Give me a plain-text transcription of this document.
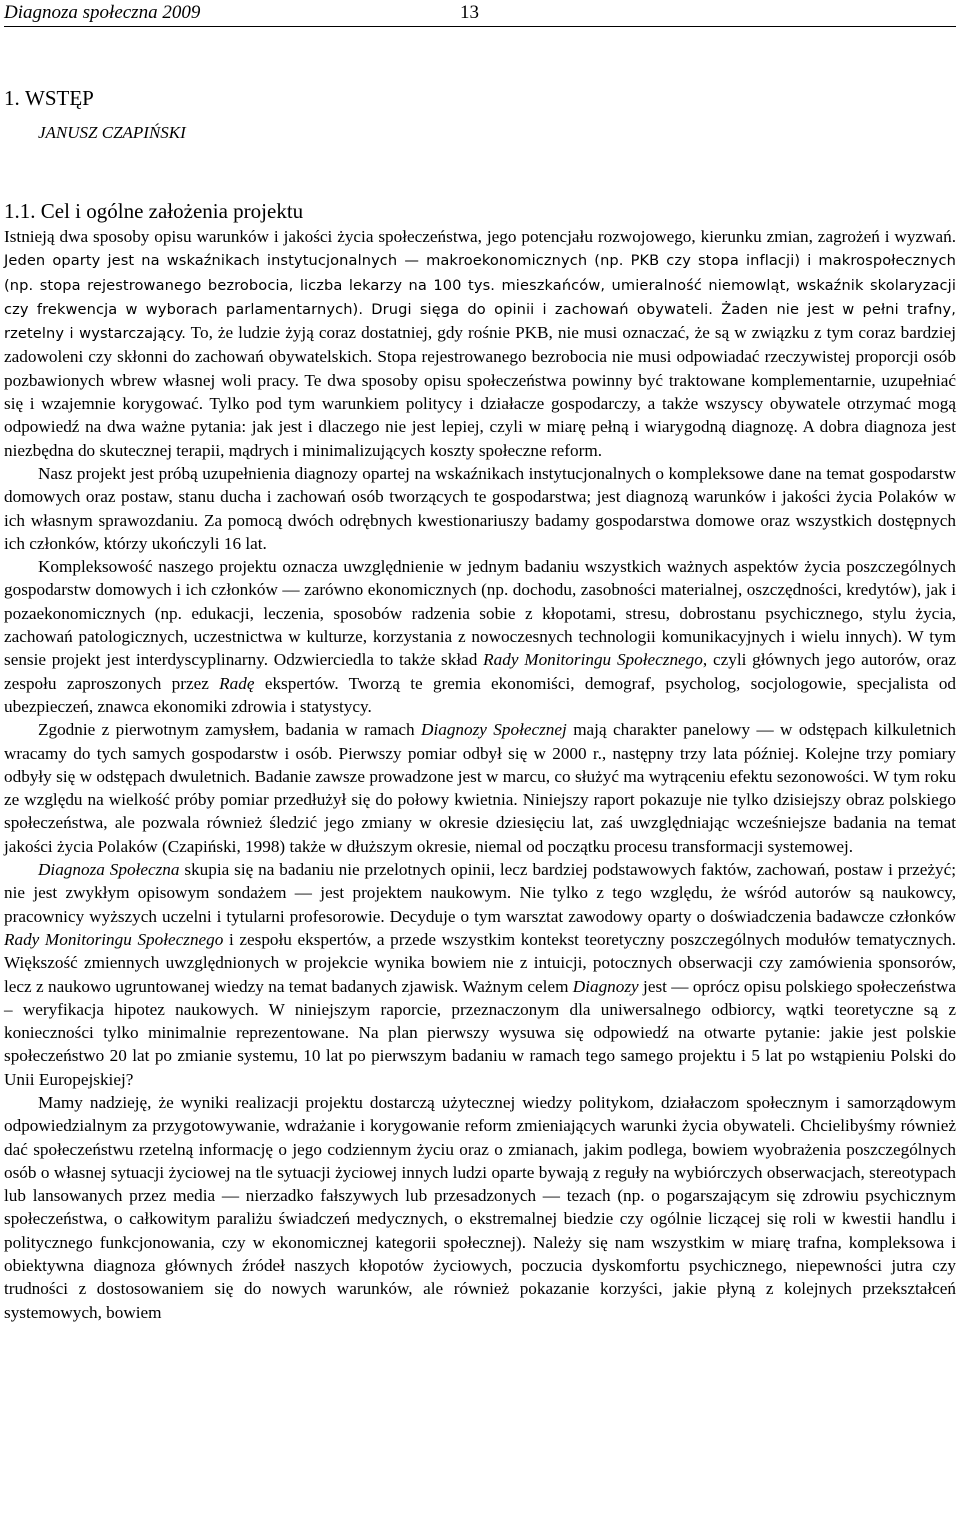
Diagnoza społeczna 2009	13
1. WSTĘP
JANUSZ CZAPIŃSKI
1.1. Cel i ogólne założenia projektu

Istnieją dwa sposoby opisu warunków i jakości życia społeczeństwa, jego potencjału rozwojowego, kierunku zmian, zagrożeń i wyzwań. Jeden oparty jest na wskaźnikach instytucjonalnych — makroekonomicznych (np. PKB czy stopa inflacji) i makrospołecznych (np. stopa rejestrowanego bezrobocia, liczba lekarzy na 100 tys. mieszkańców, umieralność niemowląt, wskaźnik skolaryzacji czy frekwencja w wyborach parlamentarnych). Drugi sięga do opinii i zachowań obywateli. Żaden nie jest w pełni trafny, rzetelny i wystarczający. To, że ludzie żyją coraz dostatniej, gdy rośnie PKB, nie musi oznaczać, że są w związku z tym coraz bardziej zadowoleni czy skłonni do zachowań obywatelskich. Stopa rejestrowanego bezrobocia nie musi odpowiadać rzeczywistej proporcji osób pozbawionych wbrew własnej woli pracy. Te dwa sposoby opisu społeczeństwa powinny być traktowane komplementarnie, uzupełniać się i wzajemnie korygować. Tylko pod tym warunkiem politycy i działacze gospodarczy, a także wszyscy obywatele otrzymać mogą odpowiedź na dwa ważne pytania: jak jest i dlaczego nie jest lepiej, czyli w miarę pełną i wiarygodną diagnozę. A dobra diagnoza jest niezbędna do skutecznej terapii, mądrych i minimalizujących koszty społeczne reform.

Nasz projekt jest próbą uzupełnienia diagnozy opartej na wskaźnikach instytucjonalnych o kompleksowe dane na temat gospodarstw domowych oraz postaw, stanu ducha i zachowań osób tworzących te gospodarstwa; jest diagnozą warunków i jakości życia Polaków w ich własnym sprawozdaniu. Za pomocą dwóch odrębnych kwestionariuszy badamy gospodarstwa domowe oraz wszystkich dostępnych ich członków, którzy ukończyli 16 lat.

Kompleksowość naszego projektu oznacza uwzględnienie w jednym badaniu wszystkich ważnych aspektów życia poszczególnych gospodarstw domowych i ich członków — zarówno ekonomicznych (np. dochodu, zasobności materialnej, oszczędności, kredytów), jak i pozaekonomicznych (np. edukacji, leczenia, sposobów radzenia sobie z kłopotami, stresu, dobrostanu psychicznego, stylu życia, zachowań patologicznych, uczestnictwa w kulturze, korzystania z nowoczesnych technologii komunikacyjnych i wielu innych). W tym sensie projekt jest interdyscyplinarny. Odzwierciedla to także skład Rady Monitoringu Społecznego, czyli głównych jego autorów, oraz zespołu zaproszonych przez Radę ekspertów. Tworzą te gremia ekonomiści, demograf, psycholog, socjologowie, specjalista od ubezpieczeń, znawca ekonomiki zdrowia i statystycy.

Zgodnie z pierwotnym zamysłem, badania w ramach Diagnozy Społecznej mają charakter panelowy — w odstępach kilkuletnich wracamy do tych samych gospodarstw i osób. Pierwszy pomiar odbył się w 2000 r., następny trzy lata później. Kolejne trzy pomiary odbyły się w odstępach dwuletnich. Badanie zawsze prowadzone jest w marcu, co służyć ma wytrąceniu efektu sezonowości. W tym roku ze względu na wielkość próby pomiar przedłużył się do połowy kwietnia. Niniejszy raport pokazuje nie tylko dzisiejszy obraz polskiego społeczeństwa, ale pozwala również śledzić jego zmiany w okresie dziesięciu lat, zaś uwzględniając wcześniejsze badania na temat jakości życia Polaków (Czapiński, 1998) także w dłuższym okresie, niemal od początku procesu transformacji systemowej.

Diagnoza Społeczna skupia się na badaniu nie przelotnych opinii, lecz bardziej podstawowych faktów, zachowań, postaw i przeżyć; nie jest zwykłym opisowym sondażem — jest projektem naukowym. Nie tylko z tego względu, że wśród autorów są naukowcy, pracownicy wyższych uczelni i tytularni profesorowie. Decyduje o tym warsztat zawodowy oparty o doświadczenia badawcze członków Rady Monitoringu Społecznego i zespołu ekspertów, a przede wszystkim kontekst teoretyczny poszczególnych modułów tematycznych. Większość zmiennych uwzględnionych w projekcie wynika bowiem nie z intuicji, potocznych obserwacji czy zamówienia sponsorów, lecz z naukowo ugruntowanej wiedzy na temat badanych zjawisk. Ważnym celem Diagnozy jest — oprócz opisu polskiego społeczeństwa – weryfikacja hipotez naukowych. W niniejszym raporcie, przeznaczonym dla uniwersalnego odbiorcy, wątki teoretyczne są z konieczności tylko minimalnie reprezentowane. Na plan pierwszy wysuwa się odpowiedź na otwarte pytanie: jakie jest polskie społeczeństwo 20 lat po zmianie systemu, 10 lat po pierwszym badaniu w ramach tego samego projektu i 5 lat po wstąpieniu Polski do Unii Europejskiej?

Mamy nadzieję, że wyniki realizacji projektu dostarczą użytecznej wiedzy politykom, działaczom społecznym i samorządowym odpowiedzialnym za przygotowywanie, wdrażanie i korygowanie reform zmieniających warunki życia obywateli. Chcielibyśmy również dać społeczeństwu rzetelną informację o jego codziennym życiu oraz o zmianach, jakim podlega, bowiem wyobrażenia poszczególnych osób o własnej sytuacji życiowej na tle sytuacji życiowej innych ludzi oparte bywają z reguły na wybiórczych obserwacjach, stereotypach lub lansowanych przez media — nierzadko fałszywych lub przesadzonych — tezach (np. o pogarszającym się zdrowiu psychicznym społeczeństwa, o całkowitym paraliżu świadczeń medycznych, o ekstremalnej biedzie czy ogólnie liczącej się roli w kwestii handlu i politycznego funkcjonowania, czy w ekonomicznej kategorii społecznej). Należy się nam wszystkim w miarę trafna, kompleksowa i obiektywna diagnoza głównych źródeł naszych kłopotów życiowych, poczucia dyskomfortu psychicznego, niepewności jutra czy trudności z dostosowaniem się do nowych warunków, ale również pokazanie korzyści, jakie płyną z kolejnych przekształceń systemowych, bowiem
